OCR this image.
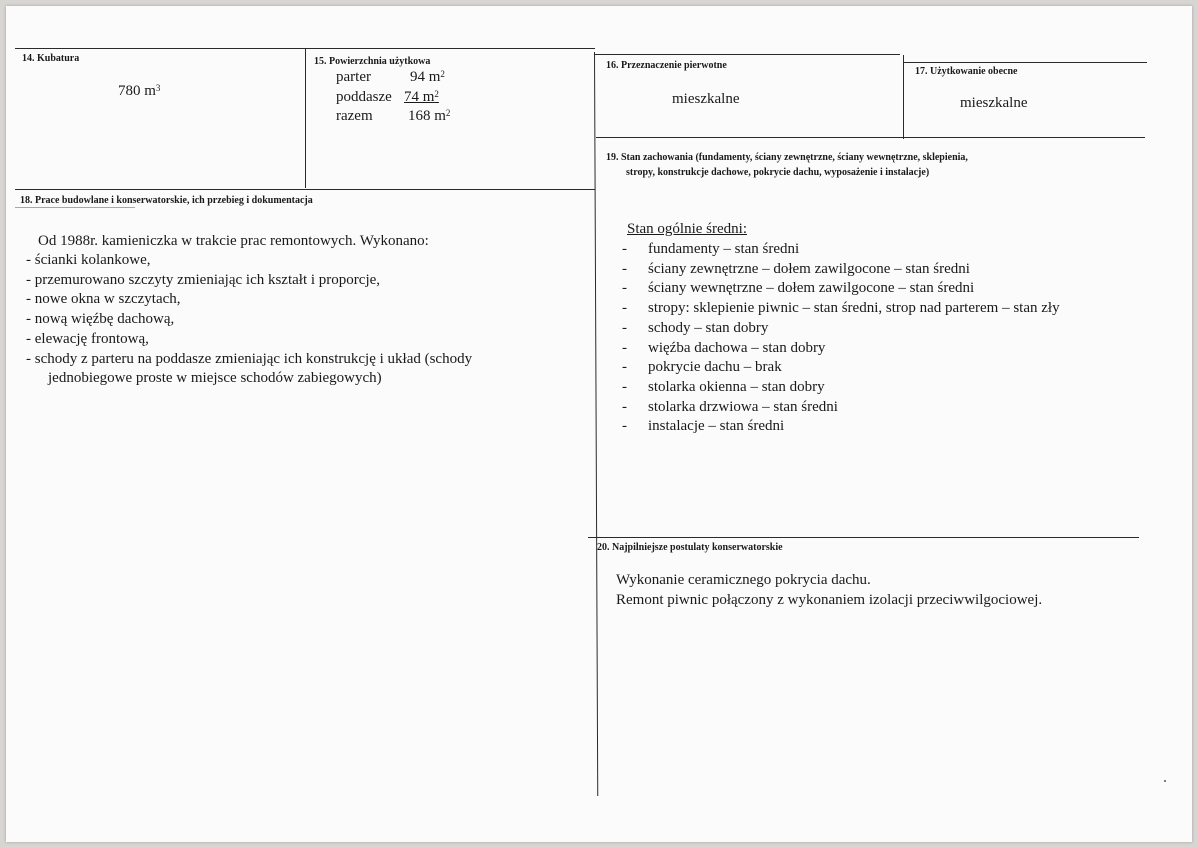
14. Kubatura
780 $m^3$
15. Powierzchnia użytkowa
parter	94 $m^2$
poddasze 74 $m^2$
razem 168 $m^2$
16. Przeznaczenie pierwotne
mieszkalne
17. Użytkowanie obecne
mieszkalne
18. Prace budowlane i konserwatorskie, ich przebieg i dokumentacja
Od 1988r. kamieniczka w trakcie prac remontowych. Wykonano:
- ścianki kolankowe,
- przemurowano szczyty zmieniając ich kształt i proporcje,
- nowe okna w szczytach,
- nową więźbę dachową,
- elewację frontową,
- schody z parteru na poddasze zmieniając ich konstrukcję i układ (schody
jednobiegowe proste w miejsce schodów zabiegowych)
19. Stan zachowania (fundamenty, ściany zewnętrzne, ściany wewnętrzne, sklepienia,
stropy, konstrukcje dachowe, pokrycie dachu, wyposażenie i instalacje)
Stan ogólnie średni:
- fundamenty – stan średni
- ściany zewnętrzne – dołem zawilgocone – stan średni
- ściany wewnętrzne – dołem zawilgocone – stan średni
- stropy: sklepienie piwnic – stan średni, strop nad parterem – stan zły
- schody – stan dobry
- więźba dachowa – stan dobry
- pokrycie dachu – brak
- stolarka okienna – stan dobry
- stolarka drzwiowa – stan średni
- instalacje – stan średni
20. Najpilniejsze postulaty konserwatorskie
Wykonanie ceramicznego pokrycia dachu.
Remont piwnic połączony z wykonaniem izolacji przeciwwilgociowej.
